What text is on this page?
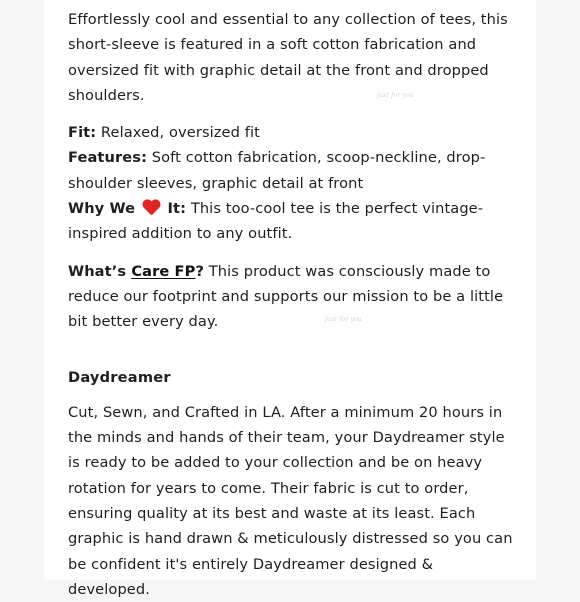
just for you
just for you

Effortlessly cool and essential to any collection of tees, this short-sleeve is featured in a soft cotton fabrication and oversized fit with graphic detail at the front and dropped shoulders.

Fit: Relaxed, oversized fit

Features: Soft cotton fabrication, scoop-neckline, drop-shoulder sleeves, graphic detail at front

Why We  It: This too-cool tee is the perfect vintage-inspired addition to any outfit.

What’s Care FP? This product was consciously made to reduce our footprint and supports our mission to be a little bit better every day.

Daydreamer

Cut, Sewn, and Crafted in LA. After a minimum 20 hours in the minds and hands of their team, your Daydreamer style is ready to be added to your collection and be on heavy rotation for years to come. Their fabric is cut to order, ensuring quality at its best and waste at its least. Each graphic is hand drawn & meticulously distressed so you can be confident it's entirely Daydreamer designed & developed.
